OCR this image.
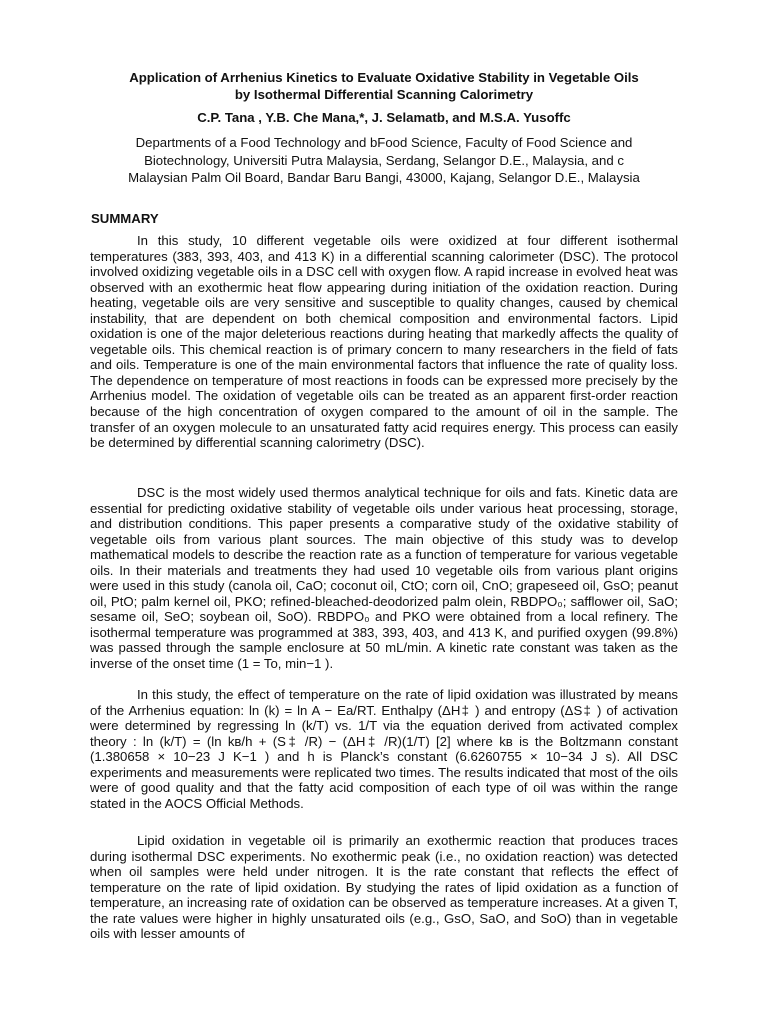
Application of Arrhenius Kinetics to Evaluate Oxidative Stability in Vegetable Oils
by Isothermal Differential Scanning Calorimetry
C.P. Tana , Y.B. Che Mana,*, J. Selamatb, and M.S.A. Yusoffc
Departments of a Food Technology and bFood Science, Faculty of Food Science and
Biotechnology, Universiti Putra Malaysia, Serdang, Selangor D.E., Malaysia, and c
Malaysian Palm Oil Board, Bandar Baru Bangi, 43000, Kajang, Selangor D.E., Malaysia
SUMMARY

In this study, 10 different vegetable oils were oxidized at four different isothermal temperatures (383, 393, 403, and 413 K) in a differential scanning calorimeter (DSC). The protocol involved oxidizing vegetable oils in a DSC cell with oxygen flow. A rapid increase in evolved heat was observed with an exothermic heat flow appearing during initiation of the oxidation reaction. During heating, vegetable oils are very sensitive and susceptible to quality changes, caused by chemical instability, that are dependent on both chemical composition and environmental factors. Lipid oxidation is one of the major deleterious reactions during heating that markedly affects the quality of vegetable oils. This chemical reaction is of primary concern to many researchers in the field of fats and oils. Temperature is one of the main environmental factors that influence the rate of quality loss. The dependence on temperature of most reactions in foods can be expressed more precisely by the Arrhenius model. The oxidation of vegetable oils can be treated as an apparent first-order reaction because of the high concentration of oxygen compared to the amount of oil in the sample. The transfer of an oxygen molecule to an unsaturated fatty acid requires energy. This process can easily be determined by differential scanning calorimetry (DSC).

DSC is the most widely used thermos analytical technique for oils and fats. Kinetic data are essential for predicting oxidative stability of vegetable oils under various heat processing, storage, and distribution conditions. This paper presents a comparative study of the oxidative stability of vegetable oils from various plant sources. The main objective of this study was to develop mathematical models to describe the reaction rate as a function of temperature for various vegetable oils. In their materials and treatments they had used 10 vegetable oils from various plant origins were used in this study (canola oil, CaO; coconut oil, CtO; corn oil, CnO; grapeseed oil, GsO; peanut oil, PtO; palm kernel oil, PKO; refined-bleached-deodorized palm olein, RBDPO₀; safflower oil, SaO; sesame oil, SeO; soybean oil, SoO). RBDPO₀ and PKO were obtained from a local refinery. The isothermal temperature was programmed at 383, 393, 403, and 413 K, and purified oxygen (99.8%) was passed through the sample enclosure at 50 mL/min. A kinetic rate constant was taken as the inverse of the onset time (1 = To, min−1 ).

In this study, the effect of temperature on the rate of lipid oxidation was illustrated by means of the Arrhenius equation: ln (k) = ln A − Ea/RT. Enthalpy (ΔH‡ ) and entropy (ΔS‡ ) of activation were determined by regressing ln (k/T) vs. 1/T via the equation derived from activated complex theory : ln (k/T) = (ln kʙ/h + (S‡ /R) − (ΔH‡ /R)(1/T) [2] where kʙ is the Boltzmann constant (1.380658 × 10−23 J K−1 ) and h is Planck’s constant (6.6260755 × 10−34 J s). All DSC experiments and measurements were replicated two times. The results indicated that most of the oils were of good quality and that the fatty acid composition of each type of oil was within the range stated in the AOCS Official Methods.

Lipid oxidation in vegetable oil is primarily an exothermic reaction that produces traces during isothermal DSC experiments. No exothermic peak (i.e., no oxidation reaction) was detected when oil samples were held under nitrogen. It is the rate constant that reflects the effect of temperature on the rate of lipid oxidation. By studying the rates of lipid oxidation as a function of temperature, an increasing rate of oxidation can be observed as temperature increases. At a given T, the rate values were higher in highly unsaturated oils (e.g., GsO, SaO, and SoO) than in vegetable oils with lesser amounts of
